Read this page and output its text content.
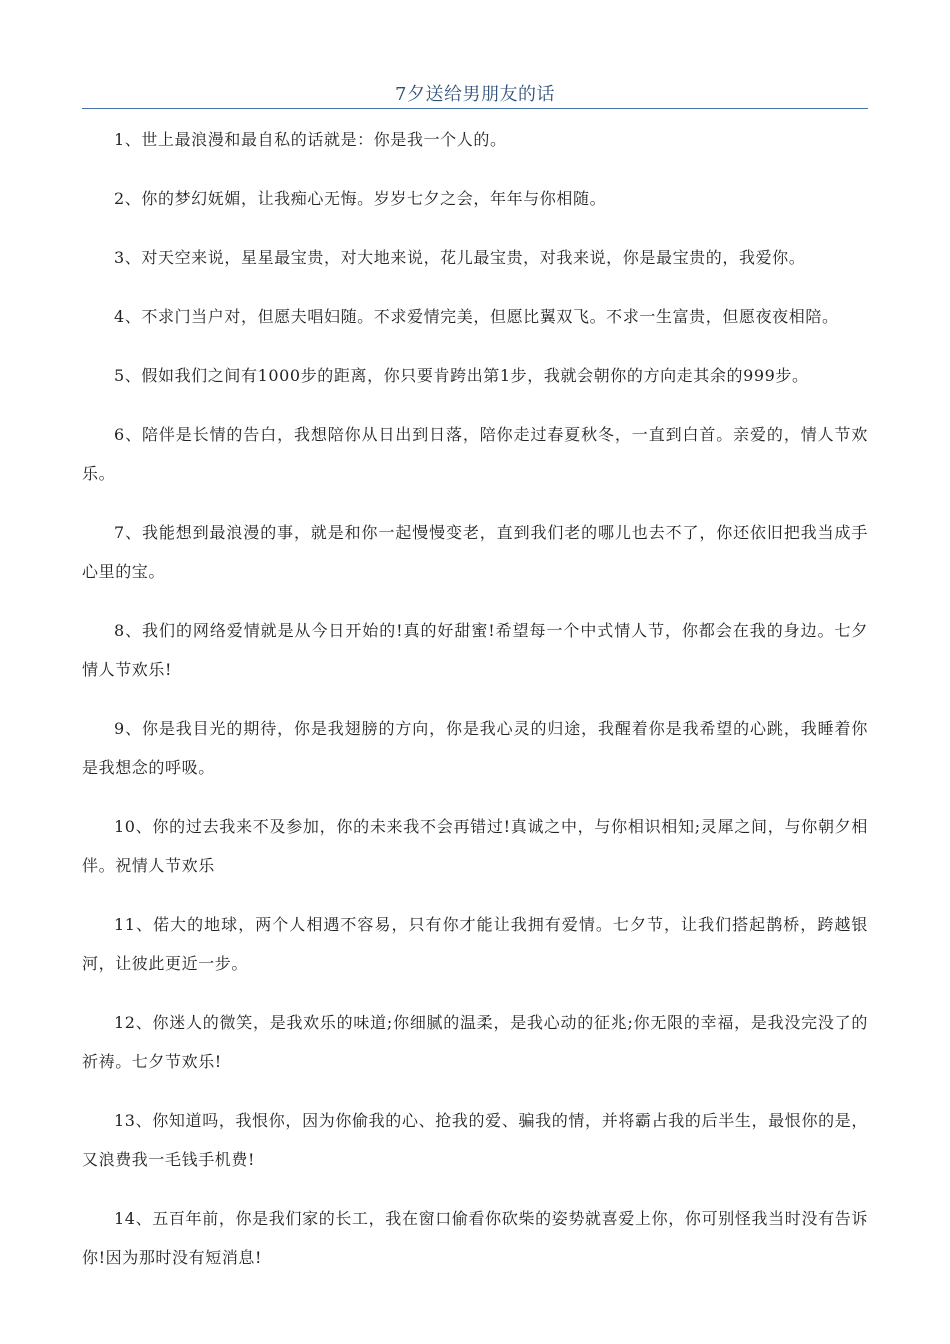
7夕送给男朋友的话

1、世上最浪漫和最自私的话就是：你是我一个人的。

2、你的梦幻妩媚，让我痴心无悔。岁岁七夕之会，年年与你相随。

3、对天空来说，星星最宝贵，对大地来说，花儿最宝贵，对我来说，你是最宝贵的，我爱你。

4、不求门当户对，但愿夫唱妇随。不求爱情完美，但愿比翼双飞。不求一生富贵，但愿夜夜相陪。

5、假如我们之间有1000步的距离，你只要肯跨出第1步，我就会朝你的方向走其余的999步。

6、陪伴是长情的告白，我想陪你从日出到日落，陪你走过春夏秋冬，一直到白首。亲爱的，情人节欢乐。

7、我能想到最浪漫的事，就是和你一起慢慢变老，直到我们老的哪儿也去不了，你还依旧把我当成手心里的宝。

8、我们的网络爱情就是从今日开始的!真的好甜蜜!希望每一个中式情人节，你都会在我的身边。七夕情人节欢乐!

9、你是我目光的期待，你是我翅膀的方向，你是我心灵的归途，我醒着你是我希望的心跳，我睡着你是我想念的呼吸。

10、你的过去我来不及参加，你的未来我不会再错过!真诚之中，与你相识相知;灵犀之间，与你朝夕相伴。祝情人节欢乐

11、偌大的地球，两个人相遇不容易，只有你才能让我拥有爱情。七夕节，让我们搭起鹊桥，跨越银河，让彼此更近一步。

12、你迷人的微笑，是我欢乐的味道;你细腻的温柔，是我心动的征兆;你无限的幸福，是我没完没了的祈祷。七夕节欢乐!

13、你知道吗，我恨你，因为你偷我的心、抢我的爱、骗我的情，并将霸占我的后半生，最恨你的是，又浪费我一毛钱手机费!

14、五百年前，你是我们家的长工，我在窗口偷看你砍柴的姿势就喜爱上你，你可别怪我当时没有告诉你!因为那时没有短消息!
